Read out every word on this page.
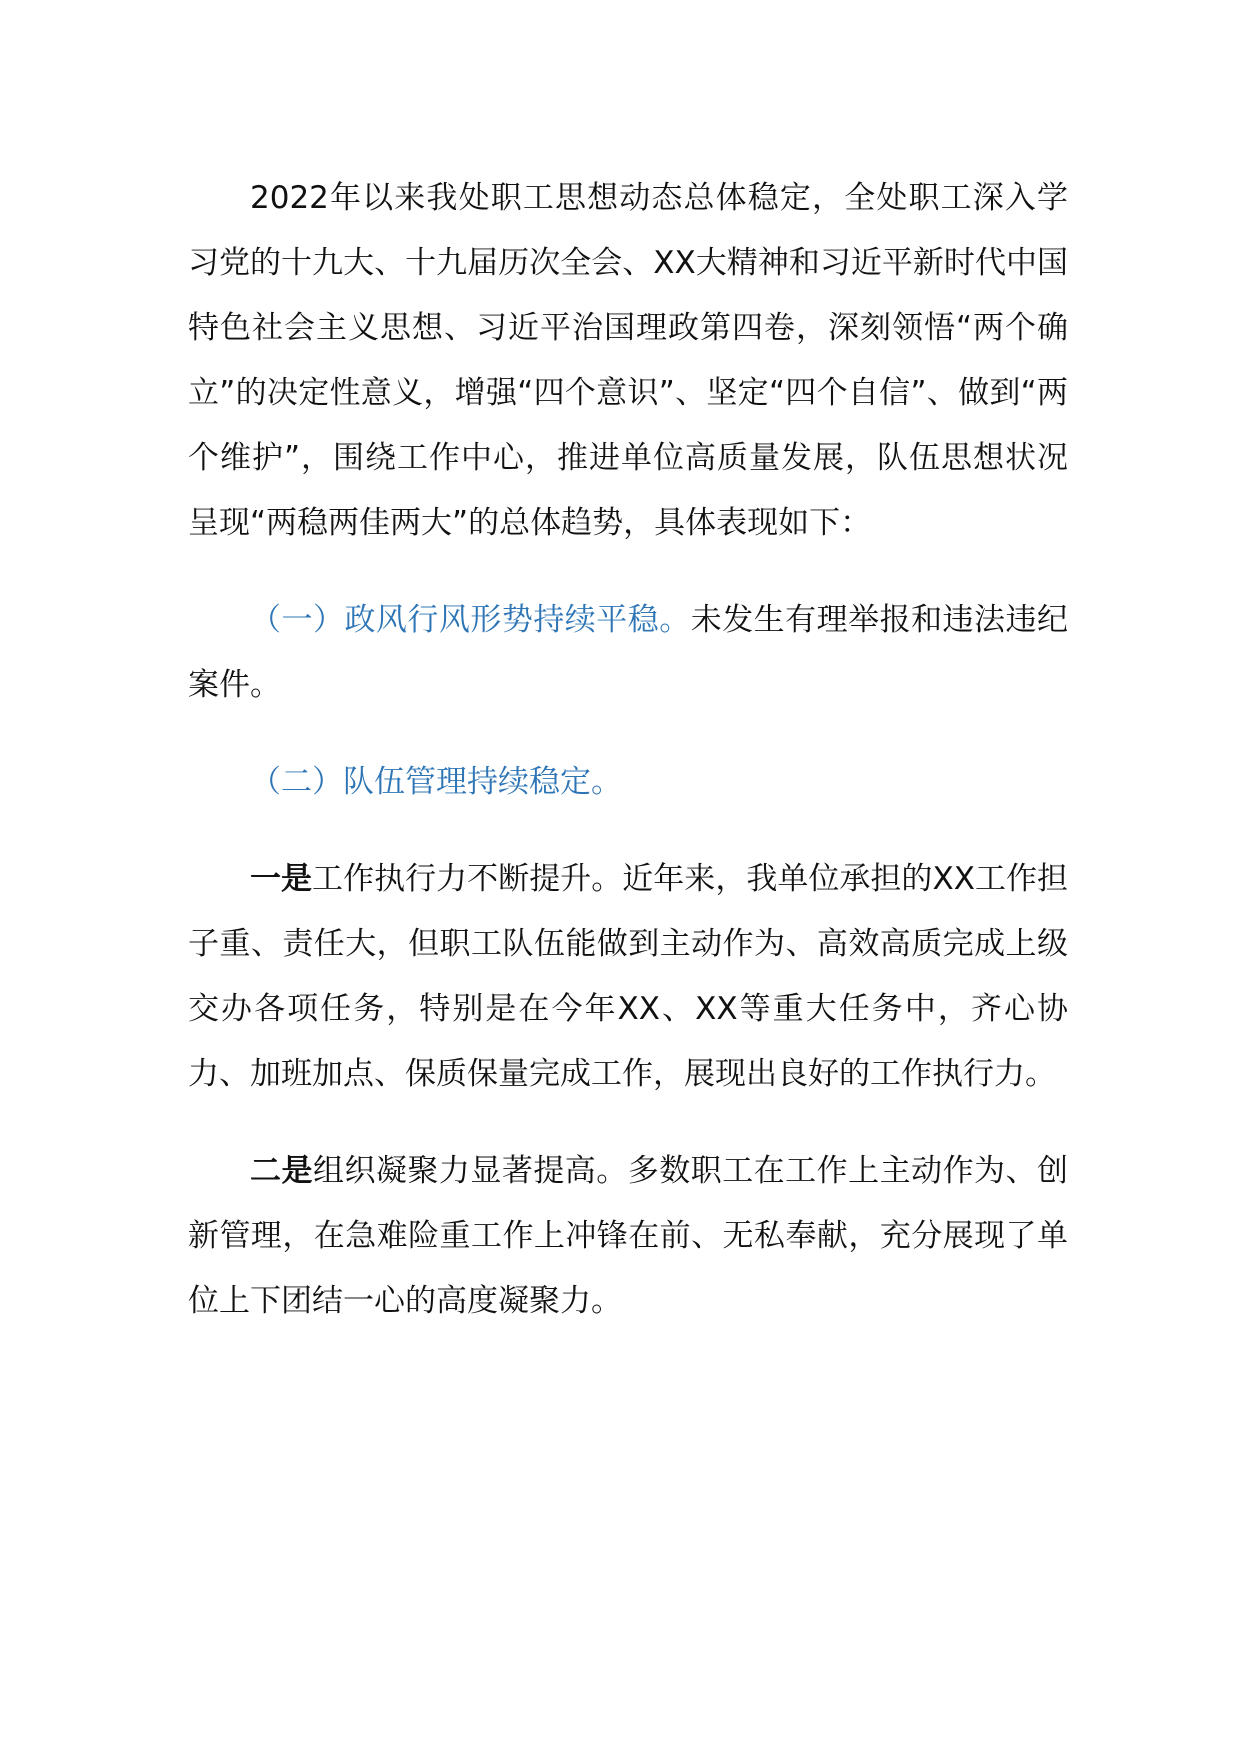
2022年以来我处职工思想动态总体稳定，全处职工深入学习党的十九大、十九届历次全会、XX大精神和习近平新时代中国特色社会主义思想、习近平治国理政第四卷，深刻领悟“两个确立”的决定性意义，增强“四个意识”、坚定“四个自信”、做到“两个维护”，围绕工作中心，推进单位高质量发展，队伍思想状况呈现“两稳两佳两大”的总体趋势，具体表现如下：

（一）政风行风形势持续平稳。未发生有理举报和违法违纪案件。

（二）队伍管理持续稳定。

一是工作执行力不断提升。近年来，我单位承担的XX工作担子重、责任大，但职工队伍能做到主动作为、高效高质完成上级交办各项任务，特别是在今年XX、XX等重大任务中，齐心协力、加班加点、保质保量完成工作，展现出良好的工作执行力。

二是组织凝聚力显著提高。多数职工在工作上主动作为、创新管理，在急难险重工作上冲锋在前、无私奉献，充分展现了单位上下团结一心的高度凝聚力。
